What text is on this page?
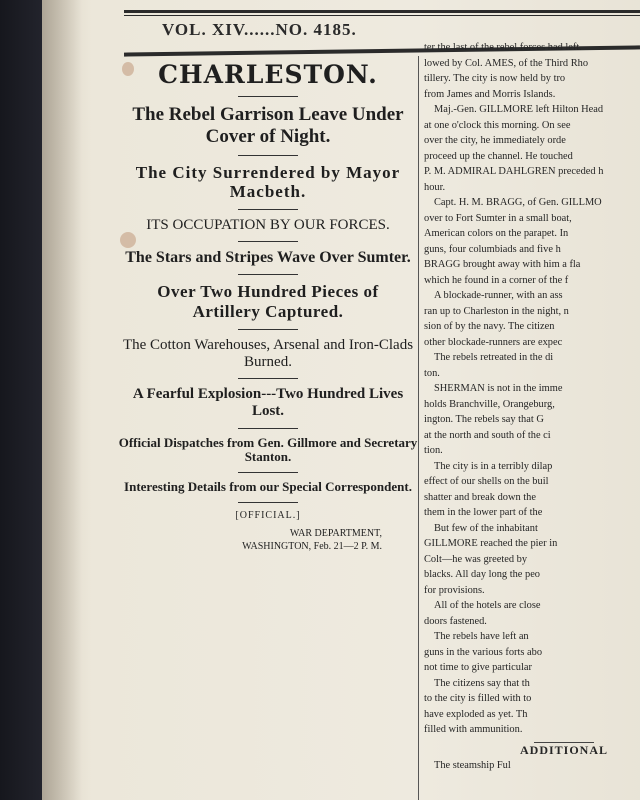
VOL. XIV......NO. 4185.
CHARLESTON.
The Rebel Garrison Leave Under Cover of Night.
The City Surrendered by Mayor Macbeth.
ITS OCCUPATION BY OUR FORCES.
The Stars and Stripes Wave Over Sumter.
Over Two Hundred Pieces of Artillery Captured.
The Cotton Warehouses, Arsenal and Iron-Clads Burned.
A Fearful Explosion---Two Hundred Lives Lost.
Official Dispatches from Gen. Gillmore and Secretary Stanton.
Interesting Details from our Special Correspondent.
[OFFICIAL.]
WAR DEPARTMENT,
WASHINGTON, Feb. 21—2 P. M.

ter the last of the rebel forces had left.

lowed by Col. AMES, of the Third Rho

tillery. The city is now held by tro

from James and Morris Islands.

Maj.-Gen. GILLMORE left Hilton Head

at one o'clock this morning. On see

over the city, he immediately orde

proceed up the channel. He touched

P. M. ADMIRAL DAHLGREN preceded h

hour.

Capt. H. M. BRAGG, of Gen. GILLMO

over to Fort Sumter in a small boat,

American colors on the parapet. In

guns, four columbiads and five h

BRAGG brought away with him a fla

which he found in a corner of the f

A blockade-runner, with an ass

ran up to Charleston in the night, n

sion of by the navy. The citizen

other blockade-runners are expec

The rebels retreated in the di

ton.

SHERMAN is not in the imme

holds Branchville, Orangeburg,

ington. The rebels say that G

at the north and south of the ci

tion.

The city is in a terribly dilap

effect of our shells on the buil

shatter and break down the

them in the lower part of the

But few of the inhabitant

GILLMORE reached the pier in

Colt—he was greeted by

blacks. All day long the peo

for provisions.

All of the hotels are close

doors fastened.

The rebels have left an

guns in the various forts abo

not time to give particular

The citizens say that th

to the city is filled with to

have exploded as yet. Th

filled with ammunition.

ADDITIONAL

The steamship Ful
